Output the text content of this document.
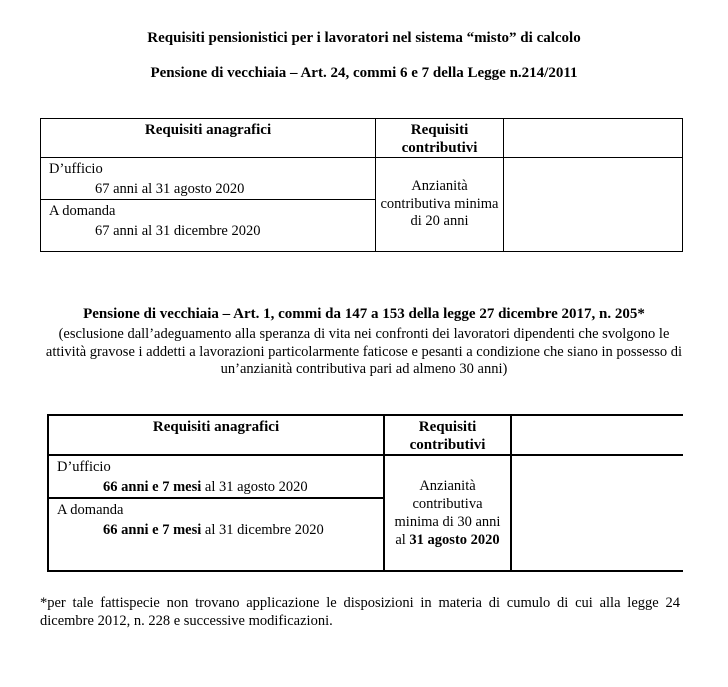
Requisiti pensionistici per i lavoratori nel sistema “misto” di calcolo
Pensione di vecchiaia – Art. 24, commi 6 e 7 della Legge n.214/2011
Requisiti anagrafici	Requisiti contributivi	
D’ufficio
67 anni al 31 agosto 2020	Anzianità contributiva minima di 20 anni	
A domanda
67 anni al 31 dicembre 2020		
Pensione di vecchiaia – Art. 1, commi da 147 a 153 della legge 27 dicembre 2017, n. 205*

(esclusione dall’adeguamento alla speranza di vita nei confronti dei lavoratori dipendenti che svolgono le attività gravose i addetti a lavorazioni particolarmente faticose e pesanti a condizione che siano in possesso di un’anzianità contributiva pari ad almeno 30 anni)

Requisiti anagrafici	Requisiti contributivi	
D’ufficio
66 anni e 7 mesi al 31 agosto 2020	Anzianità contributiva minima di 30 anni al 31 agosto 2020	
A domanda
66 anni e 7 mesi al 31 dicembre 2020		

*per tale fattispecie non trovano applicazione le disposizioni in materia di cumulo di cui alla legge 24 dicembre 2012, n. 228 e successive modificazioni.
